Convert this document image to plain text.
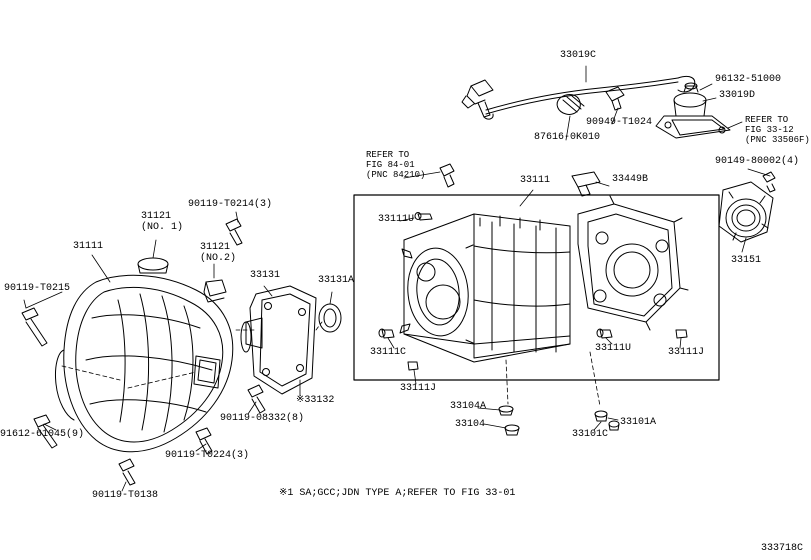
33019C
96132-51000
33019D
90949-T1024
87616-0K010
REFER TO
FIG 33-12
(PNC 33506F)
90149-80002(4)
REFER TO
FIG 84-01
(PNC 84210)	33111	33449B
33111U
90119-T0214(3)
31121
(NO. 1)
31121
(NO.2)
31111
33151
33131	33131A
90119-T0215
33111C	33111U	33111J
33111J
※33132
90119-08332(8)
33104A
33104	33101A
33101C
91612-61045(9)
90119-T0224(3)
90119-T0138	※1 SA;GCC;JDN TYPE A;REFER TO FIG 33-01
333718C
